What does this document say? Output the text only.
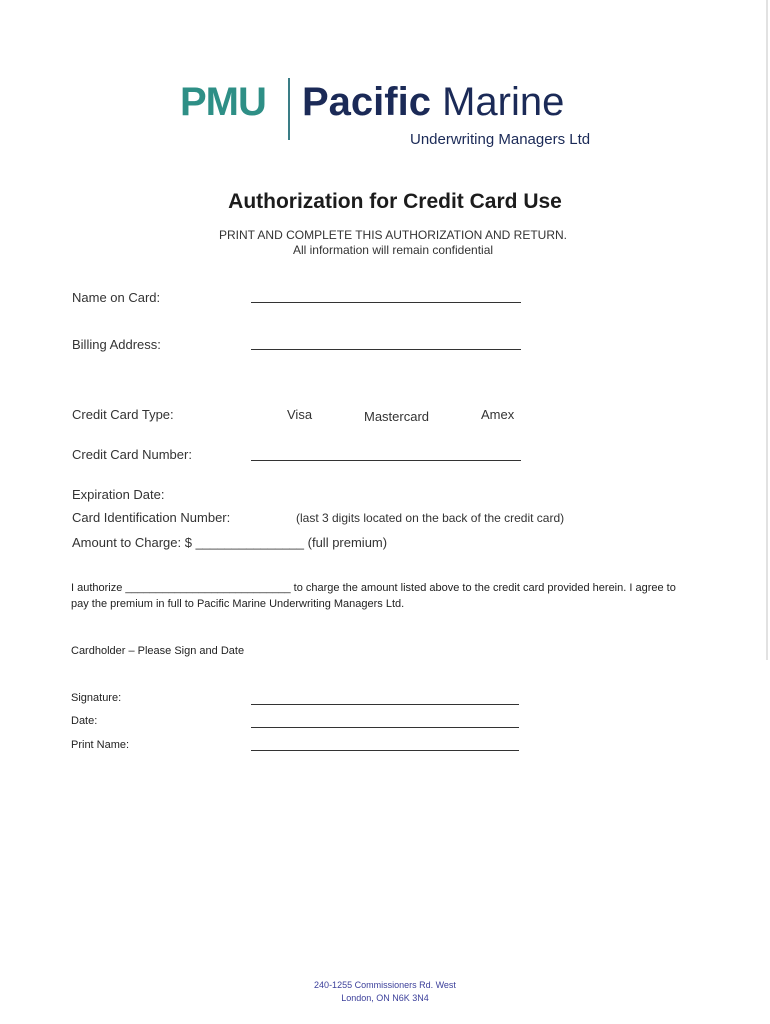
PMU Pacific Marine
Underwriting Managers Ltd
Authorization for Credit Card Use
PRINT AND COMPLETE THIS AUTHORIZATION AND RETURN.
All information will remain confidential
Name on Card:
Billing Address:
Credit Card Type:	Visa	Mastercard	Amex
Credit Card Number:
Expiration Date:
Card Identification Number:	(last 3 digits located on the back of the credit card)
Amount to Charge: $ _______________ (full premium)
I authorize ___________________________ to charge the amount listed above to the credit card provided herein. I agree to
pay the premium in full to Pacific Marine Underwriting Managers Ltd.
Cardholder – Please Sign and Date
Signature:
Date:
Print Name:
240-1255 Commissioners Rd. West
London, ON N6K 3N4
